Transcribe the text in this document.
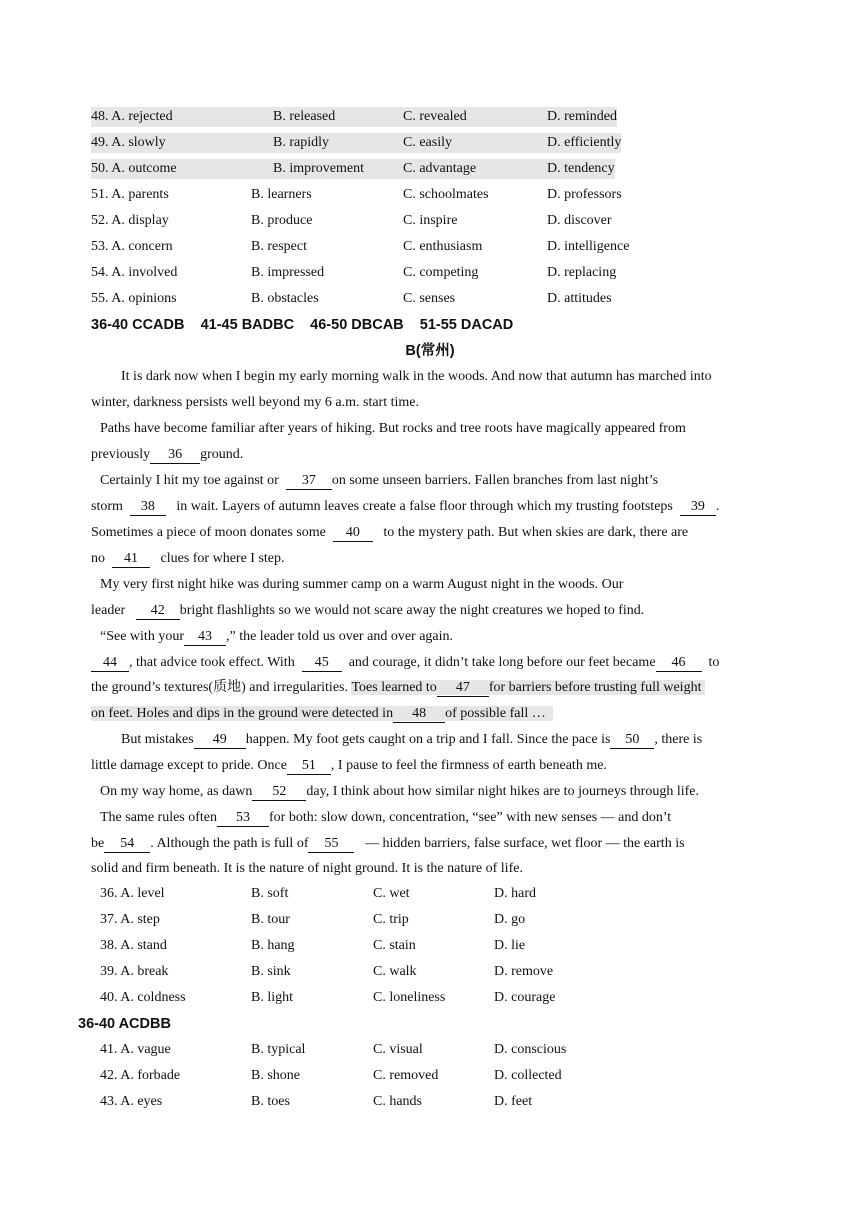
48. A. rejected	B. released	C. revealed	D. reminded
49. A. slowly	B. rapidly	C. easily	D. efficiently
50. A. outcome	B. improvement	C. advantage	D. tendency
51. A. parents	B. learners	C. schoolmates	D. professors
52. A. display	B. produce	C. inspire	D. discover
53. A. concern	B. respect	C. enthusiasm	D. intelligence
54. A. involved	B. impressed	C. competing	D. replacing
55. A. opinions	B. obstacles	C. senses	D. attitudes
36-40 CCADB    41-45 BADBC    46-50 DBCAB    51-55 DACAD
B(常州)
It is dark now when I begin my early morning walk in the woods. And now that autumn has marched into
winter, darkness persists well beyond my 6 a.m. start time.
Paths have become familiar after years of hiking. But rocks and tree roots have magically appeared from
previously 36 ground.
Certainly I hit my toe against or 37 on some unseen barriers. Fallen branches from last night’s
storm 38 in wait. Layers of autumn leaves create a false floor through which my trusting footsteps 39 .
Sometimes a piece of moon donates some 40 to the mystery path. But when skies are dark, there are
no 41 clues for where I step.
My very first night hike was during summer camp on a warm August night in the woods. Our
leader 42 bright flashlights so we would not scare away the night creatures we hoped to find.
“See with your 43 ,” the leader told us over and over again.
44 , that advice took effect. With 45 and courage, it didn’t take long before our feet became 46 to
the ground’s textures(质地) and irregularities. Toes learned to 47 for barriers before trusting full weight
on feet. Holes and dips in the ground were detected in 48 of possible fall …
But mistakes 49 happen. My foot gets caught on a trip and I fall. Since the pace is 50 , there is
little damage except to pride. Once 51 , I pause to feel the firmness of earth beneath me.
On my way home, as dawn 52 day, I think about how similar night hikes are to journeys through life.
The same rules often 53 for both: slow down, concentration, “see” with new senses — and don’t
be 54 . Although the path is full of 55 — hidden barriers, false surface, wet floor — the earth is
solid and firm beneath. It is the nature of night ground. It is the nature of life.
36. A. level	B. soft	C. wet	D. hard
37. A. step	B. tour	C. trip	D. go
38. A. stand	B. hang	C. stain	D. lie
39. A. break	B. sink	C. walk	D. remove
40. A. coldness	B. light	C. loneliness	D. courage
36-40 ACDBB
41. A. vague	B. typical	C. visual	D. conscious
42. A. forbade	B. shone	C. removed	D. collected
43. A. eyes	B. toes	C. hands	D. feet
